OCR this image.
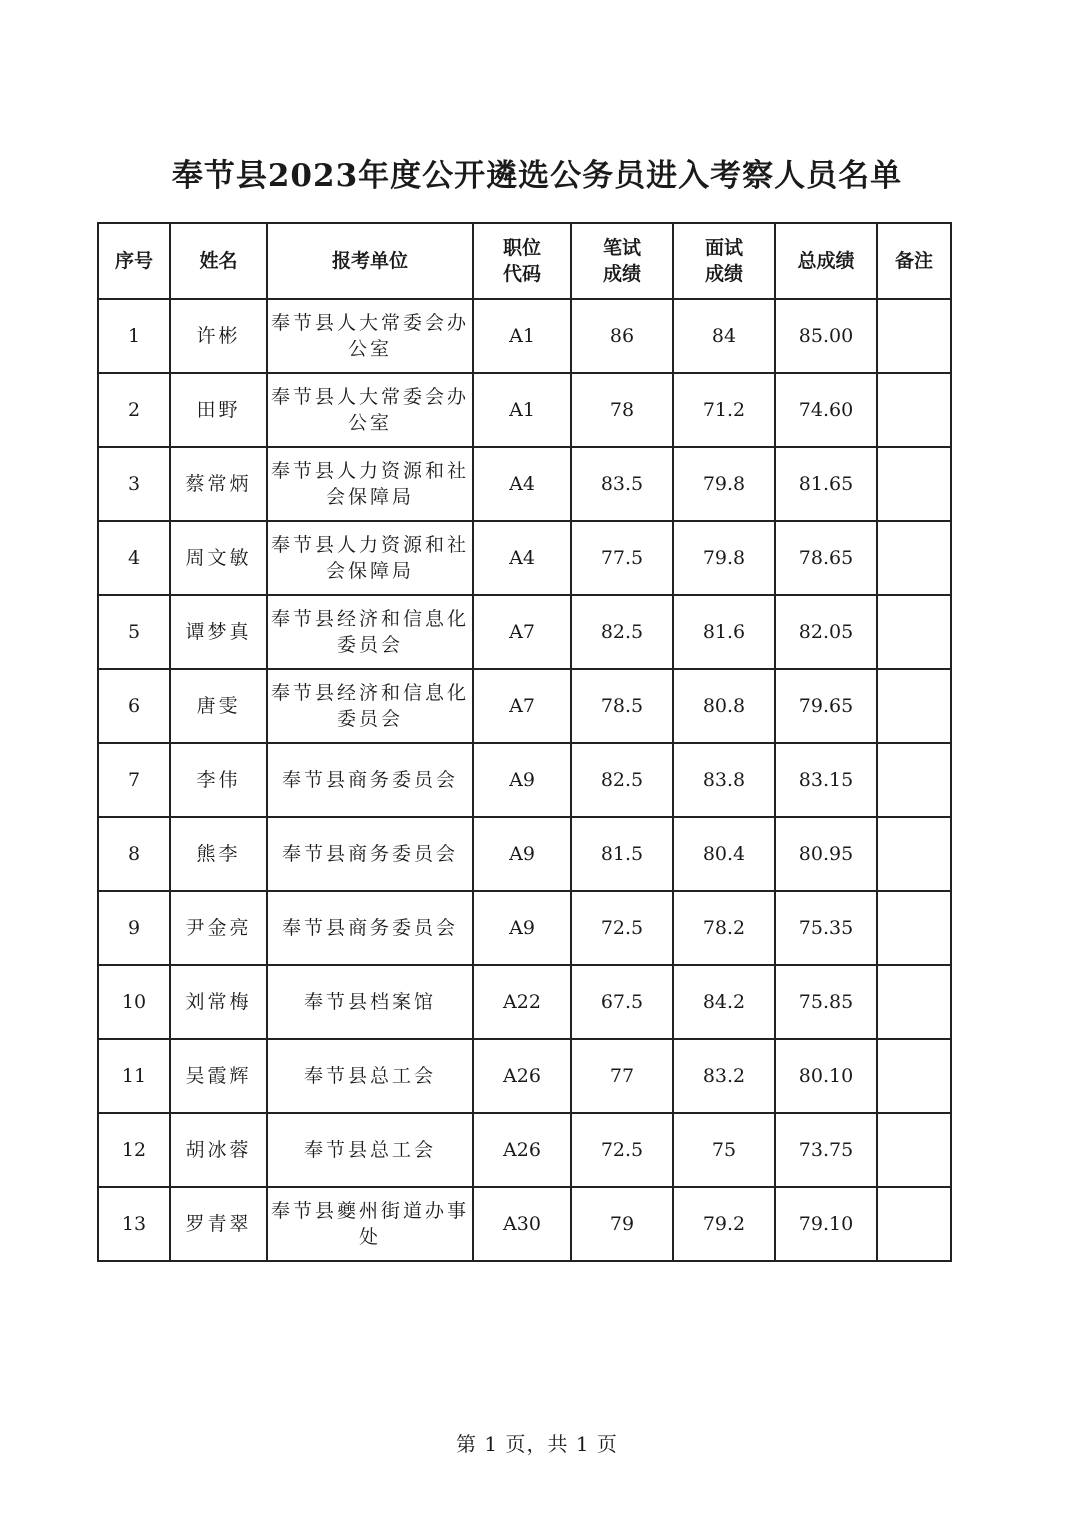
奉节县2023年度公开遴选公务员进入考察人员名单
序号	姓名	报考单位	职位代码	笔试成绩	面试成绩	总成绩	备注
1	许彬	奉节县人大常委会办公室	A1	86	84	85.00	
2	田野	奉节县人大常委会办公室	A1	78	71.2	74.60	
3	蔡常炳	奉节县人力资源和社会保障局	A4	83.5	79.8	81.65	
4	周文敏	奉节县人力资源和社会保障局	A4	77.5	79.8	78.65	
5	谭梦真	奉节县经济和信息化委员会	A7	82.5	81.6	82.05	
6	唐雯	奉节县经济和信息化委员会	A7	78.5	80.8	79.65	
7	李伟	奉节县商务委员会	A9	82.5	83.8	83.15	
8	熊李	奉节县商务委员会	A9	81.5	80.4	80.95	
9	尹金亮	奉节县商务委员会	A9	72.5	78.2	75.35	
10	刘常梅	奉节县档案馆	A22	67.5	84.2	75.85	
11	吴霞辉	奉节县总工会	A26	77	83.2	80.10	
12	胡冰蓉	奉节县总工会	A26	72.5	75	73.75	
13	罗青翠	奉节县夔州街道办事处	A30	79	79.2	79.10	
第 1 页，共 1 页
